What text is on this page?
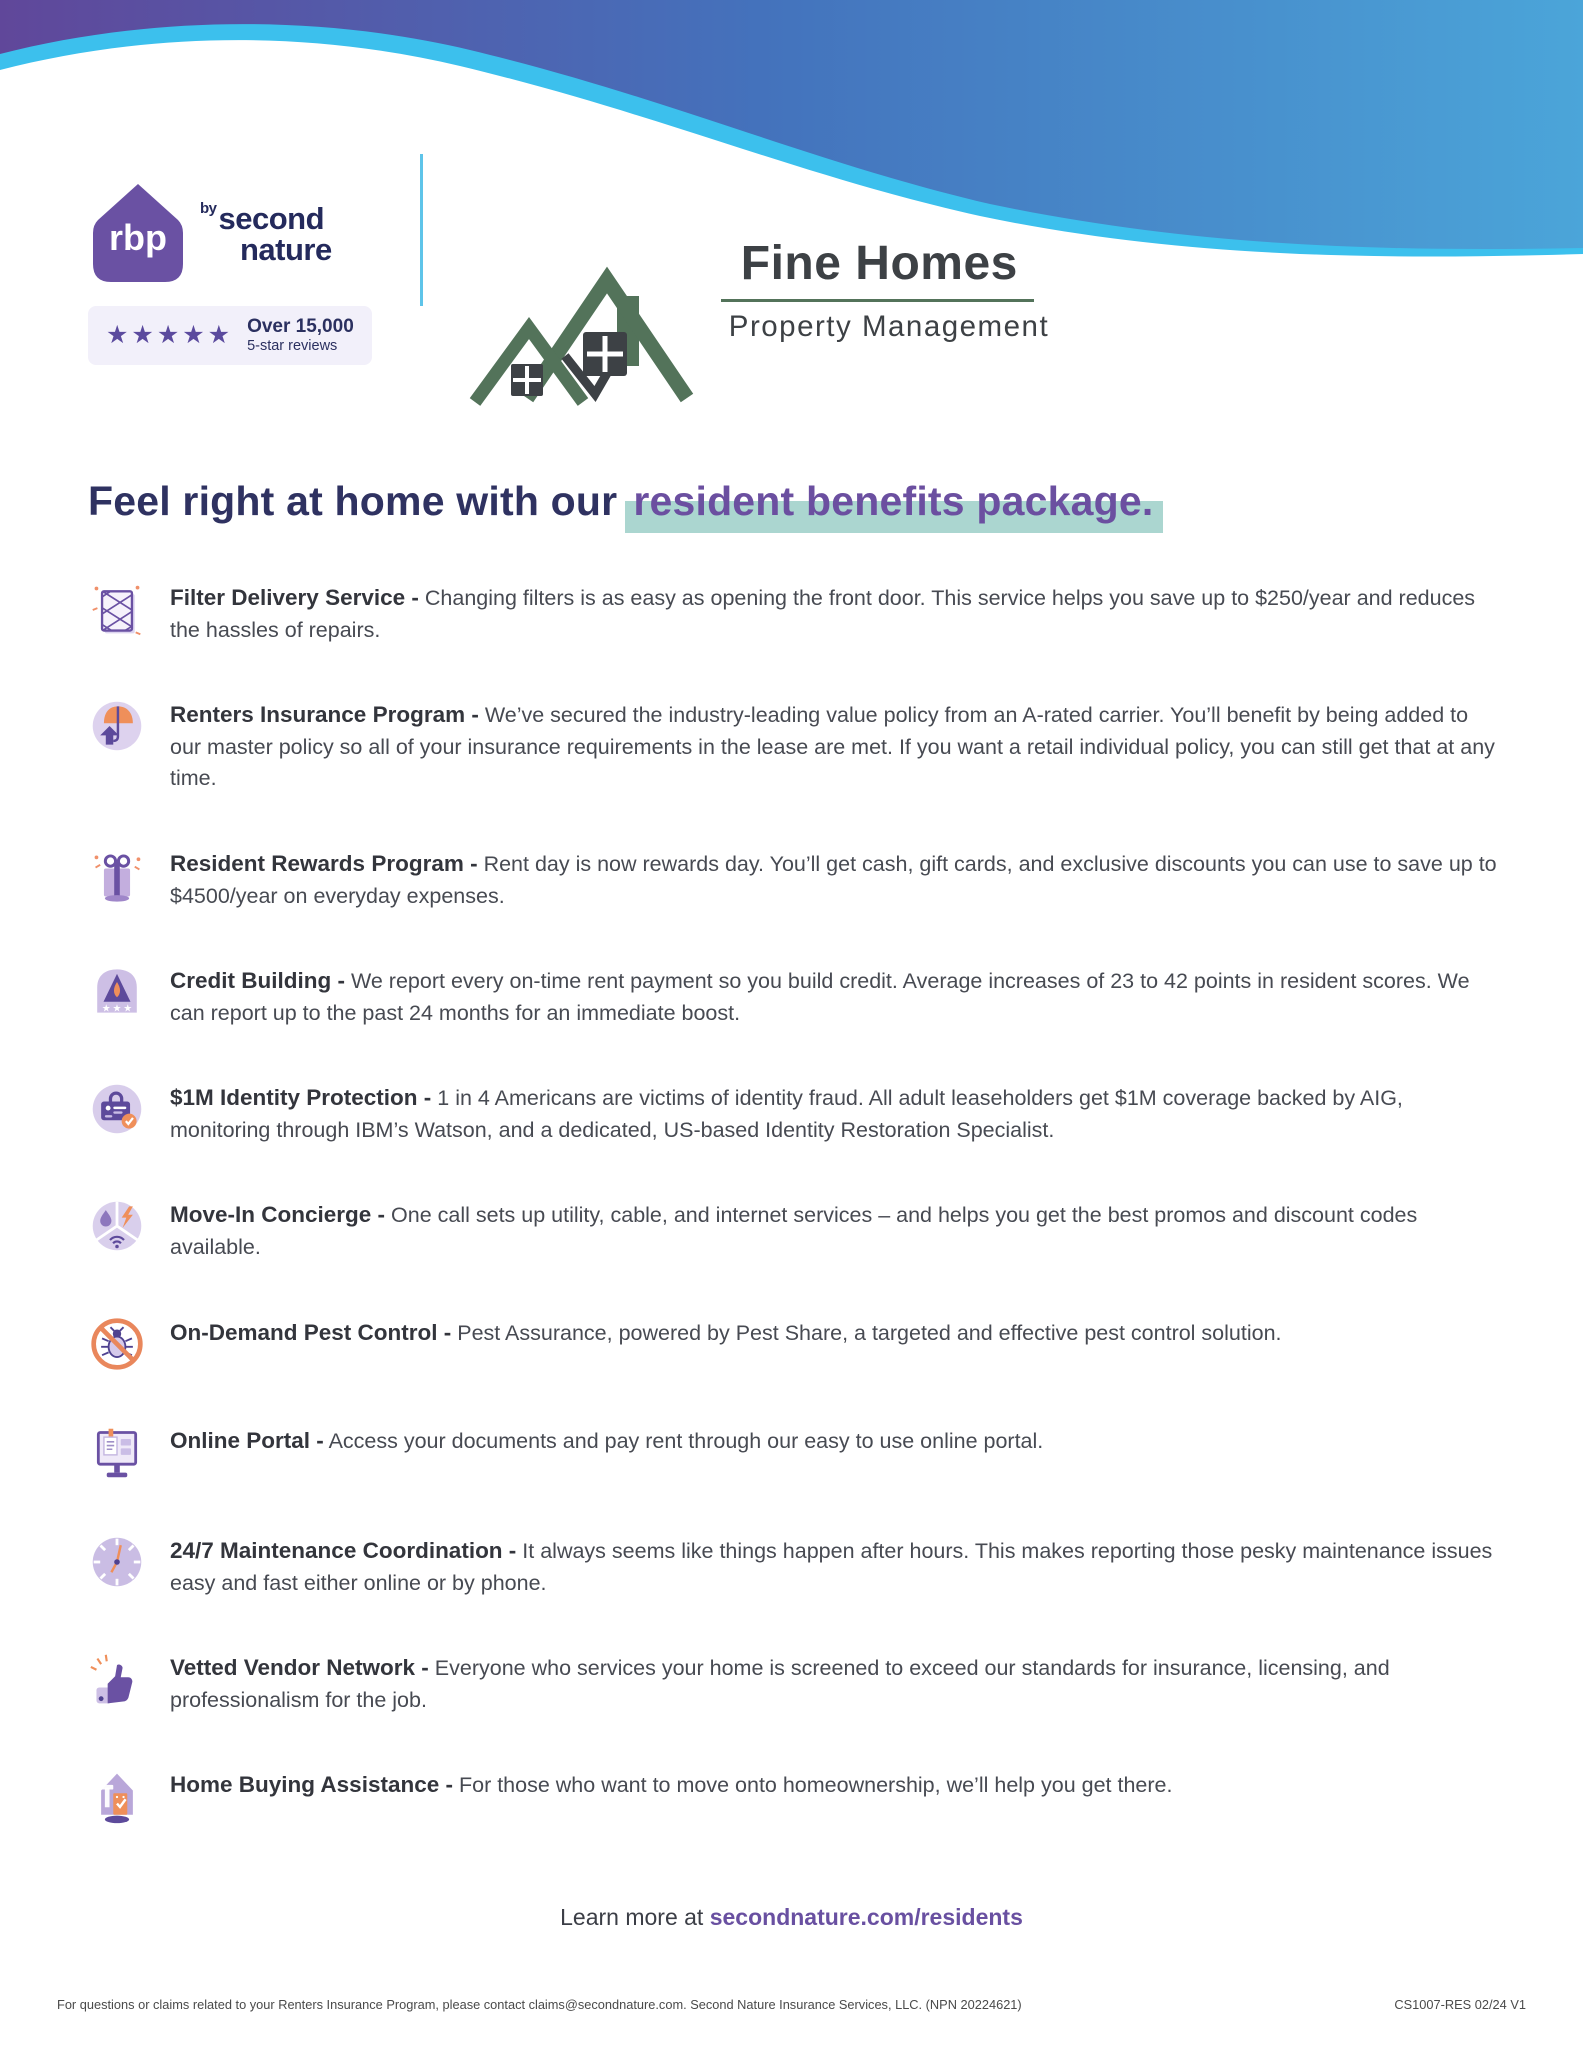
rbp
$^{by}$second
nature
★★★★★ Over 15,000
5-star reviews
Fine Homes
Property Management
Feel right at home with our resident benefits package.

Filter Delivery Service - Changing filters is as easy as opening the front door. This service helps you save up to $250/year and reduces the hassles of repairs.

Renters Insurance Program - We’ve secured the industry-leading value policy from an A-rated carrier. You’ll benefit by being added to our master policy so all of your insurance requirements in the lease are met. If you want a retail individual policy, you can still get that at any time.

Resident Rewards Program - Rent day is now rewards day. You’ll get cash, gift cards, and exclusive discounts you can use to save up to $4500/year on everyday expenses.

★ ★ ★

Credit Building - We report every on-time rent payment so you build credit. Average increases of 23 to 42 points in resident scores. We can report up to the past 24 months for an immediate boost.

$1M Identity Protection - 1 in 4 Americans are victims of identity fraud. All adult leaseholders get $1M coverage backed by AIG, monitoring through IBM’s Watson, and a dedicated, US-based Identity Restoration Specialist.

Move-In Concierge - One call sets up utility, cable, and internet services – and helps you get the best promos and discount codes available.

On-Demand Pest Control - Pest Assurance, powered by Pest Share, a targeted and effective pest control solution.

Online Portal - Access your documents and pay rent through our easy to use online portal.

24/7 Maintenance Coordination - It always seems like things happen after hours. This makes reporting those pesky maintenance issues easy and fast either online or by phone.

Vetted Vendor Network - Everyone who services your home is screened to exceed our standards for insurance, licensing, and professionalism for the job.

Home Buying Assistance - For those who want to move onto homeownership, we’ll help you get there.

Learn more at secondnature.com/residents
For questions or claims related to your Renters Insurance Program, please contact claims@secondnature.com. Second Nature Insurance Services, LLC. (NPN 20224621)	CS1007-RES 02/24 V1
